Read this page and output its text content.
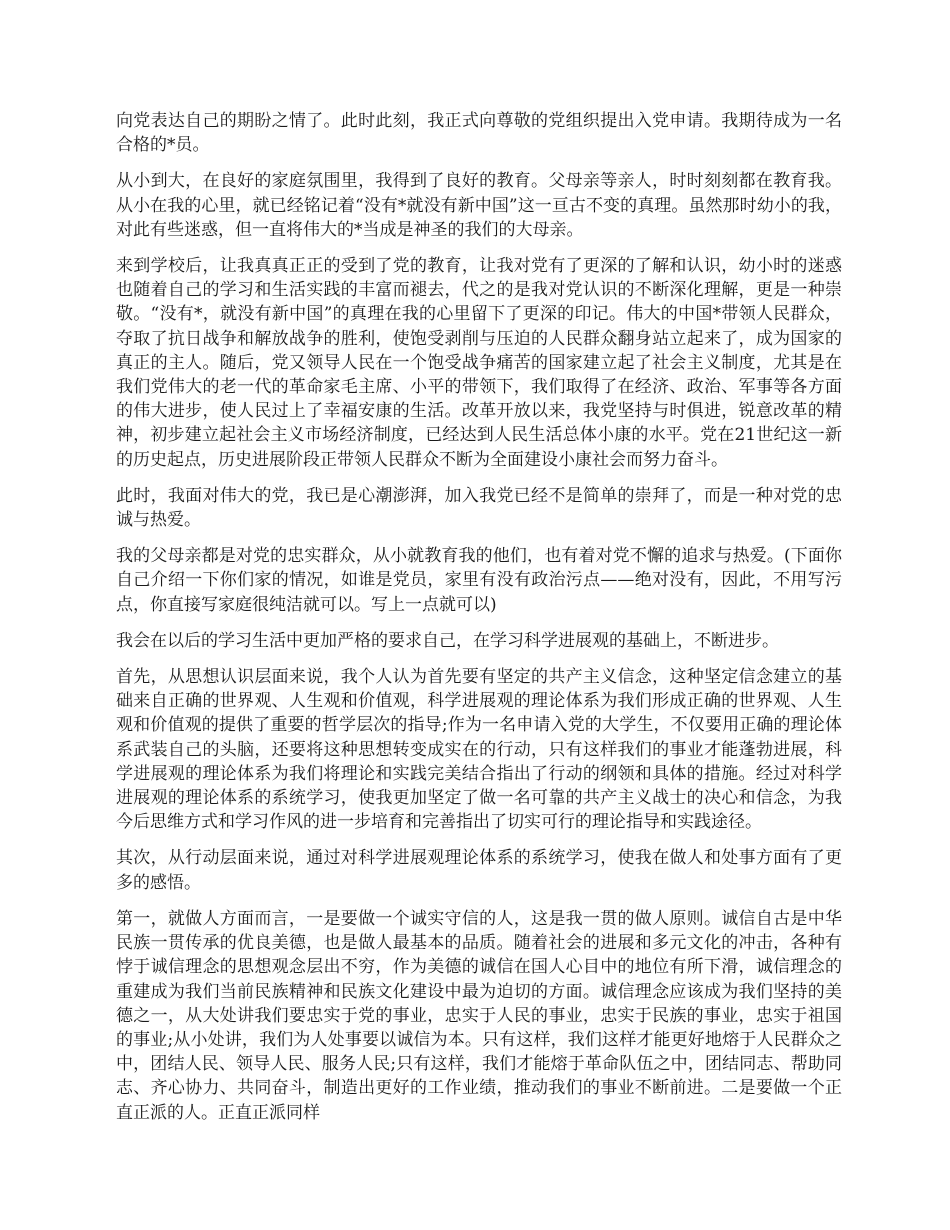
向党表达自己的期盼之情了。此时此刻，我正式向尊敬的党组织提出入党申请。我期待成为一名合格的*员。

从小到大，在良好的家庭氛围里，我得到了良好的教育。父母亲等亲人，时时刻刻都在教育我。从小在我的心里，就已经铭记着“没有*就没有新中国”这一亘古不变的真理。虽然那时幼小的我，对此有些迷惑，但一直将伟大的*当成是神圣的我们的大母亲。

来到学校后，让我真真正正的受到了党的教育，让我对党有了更深的了解和认识，幼小时的迷惑也随着自己的学习和生活实践的丰富而褪去，代之的是我对党认识的不断深化理解，更是一种崇敬。“没有*，就没有新中国”的真理在我的心里留下了更深的印记。伟大的中国*带领人民群众，夺取了抗日战争和解放战争的胜利，使饱受剥削与压迫的人民群众翻身站立起来了，成为国家的真正的主人。随后，党又领导人民在一个饱受战争痛苦的国家建立起了社会主义制度，尤其是在我们党伟大的老一代的革命家毛主席、小平的带领下，我们取得了在经济、政治、军事等各方面的伟大进步，使人民过上了幸福安康的生活。改革开放以来，我党坚持与时俱进，锐意改革的精神，初步建立起社会主义市场经济制度，已经达到人民生活总体小康的水平。党在21世纪这一新的历史起点，历史进展阶段正带领人民群众不断为全面建设小康社会而努力奋斗。

此时，我面对伟大的党，我已是心潮澎湃，加入我党已经不是简单的崇拜了，而是一种对党的忠诚与热爱。

我的父母亲都是对党的忠实群众，从小就教育我的他们，也有着对党不懈的追求与热爱。(下面你自己介绍一下你们家的情况，如谁是党员，家里有没有政治污点——绝对没有，因此，不用写污点，你直接写家庭很纯洁就可以。写上一点就可以)

我会在以后的学习生活中更加严格的要求自己，在学习科学进展观的基础上，不断进步。

首先，从思想认识层面来说，我个人认为首先要有坚定的共产主义信念，这种坚定信念建立的基础来自正确的世界观、人生观和价值观，科学进展观的理论体系为我们形成正确的世界观、人生观和价值观的提供了重要的哲学层次的指导;作为一名申请入党的大学生，不仅要用正确的理论体系武装自己的头脑，还要将这种思想转变成实在的行动，只有这样我们的事业才能蓬勃进展，科学进展观的理论体系为我们将理论和实践完美结合指出了行动的纲领和具体的措施。经过对科学进展观的理论体系的系统学习，使我更加坚定了做一名可靠的共产主义战士的决心和信念，为我今后思维方式和学习作风的进一步培育和完善指出了切实可行的理论指导和实践途径。

其次，从行动层面来说，通过对科学进展观理论体系的系统学习，使我在做人和处事方面有了更多的感悟。

第一，就做人方面而言，一是要做一个诚实守信的人，这是我一贯的做人原则。诚信自古是中华民族一贯传承的优良美德，也是做人最基本的品质。随着社会的进展和多元文化的冲击，各种有悖于诚信理念的思想观念层出不穷，作为美德的诚信在国人心目中的地位有所下滑，诚信理念的重建成为我们当前民族精神和民族文化建设中最为迫切的方面。诚信理念应该成为我们坚持的美德之一，从大处讲我们要忠实于党的事业，忠实于人民的事业，忠实于民族的事业，忠实于祖国的事业;从小处讲，我们为人处事要以诚信为本。只有这样，我们这样才能更好地熔于人民群众之中，团结人民、领导人民、服务人民;只有这样，我们才能熔于革命队伍之中，团结同志、帮助同志、齐心协力、共同奋斗，制造出更好的工作业绩，推动我们的事业不断前进。二是要做一个正直正派的人。正直正派同样
